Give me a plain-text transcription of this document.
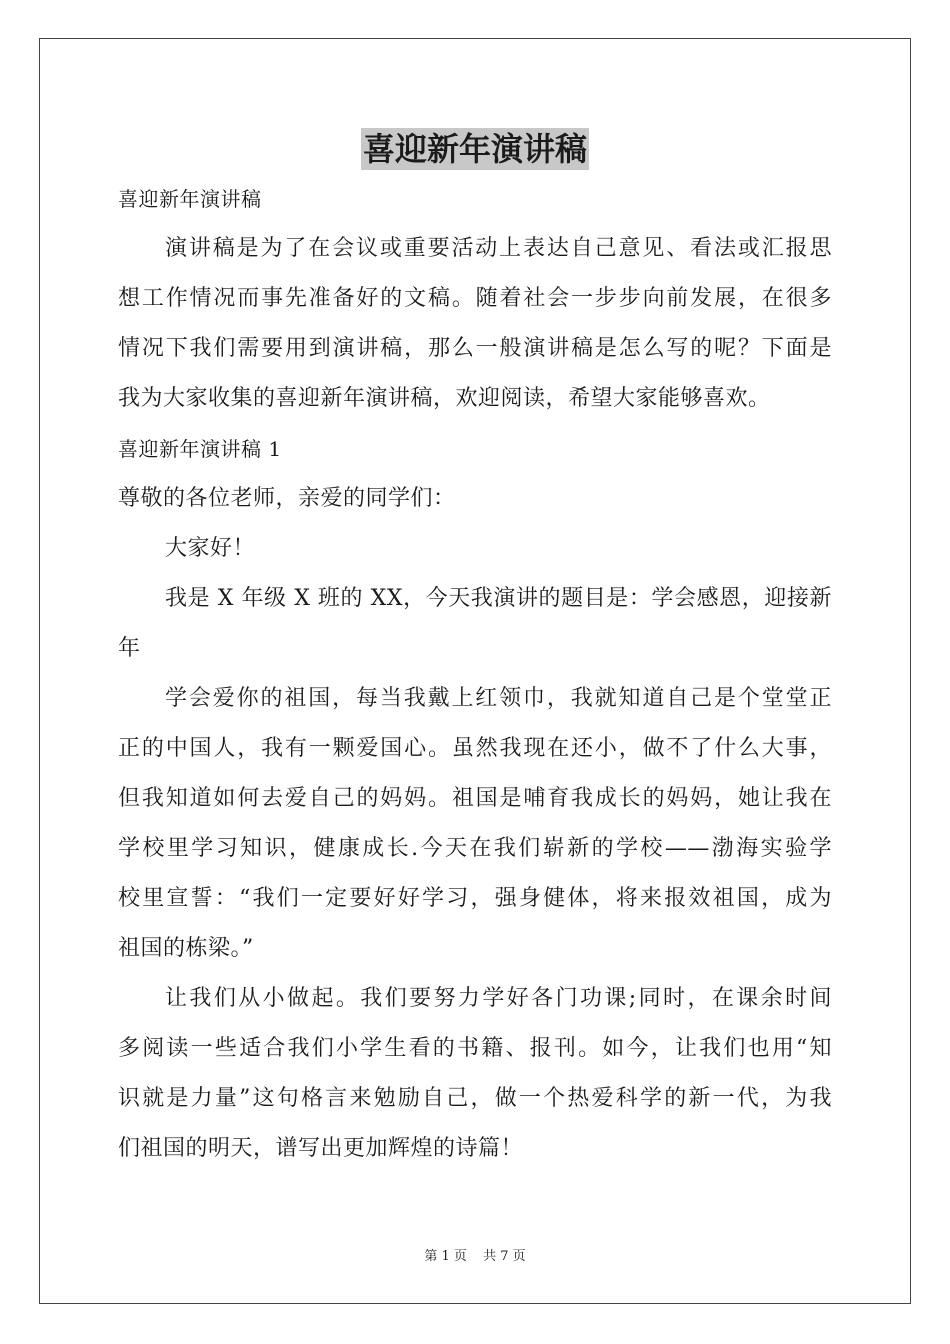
喜迎新年演讲稿
喜迎新年演讲稿
演讲稿是为了在会议或重要活动上表达自己意见、看法或汇报思
想工作情况而事先准备好的文稿。随着社会一步步向前发展，在很多
情况下我们需要用到演讲稿，那么一般演讲稿是怎么写的呢？下面是
我为大家收集的喜迎新年演讲稿，欢迎阅读，希望大家能够喜欢。
喜迎新年演讲稿 1
尊敬的各位老师，亲爱的同学们：
大家好！
我是 X 年级 X 班的 XX，今天我演讲的题目是：学会感恩，迎接新
年
学会爱你的祖国，每当我戴上红领巾，我就知道自己是个堂堂正
正的中国人，我有一颗爱国心。虽然我现在还小，做不了什么大事，
但我知道如何去爱自己的妈妈。祖国是哺育我成长的妈妈，她让我在
学校里学习知识，健康成长.今天在我们崭新的学校——渤海实验学
校里宣誓：“我们一定要好好学习，强身健体，将来报效祖国，成为
祖国的栋梁。”
让我们从小做起。我们要努力学好各门功课;同时，在课余时间
多阅读一些适合我们小学生看的书籍、报刊。如今，让我们也用“知
识就是力量”这句格言来勉励自己，做一个热爱科学的新一代，为我
们祖国的明天，谱写出更加辉煌的诗篇！
第 1 页 共 7 页
